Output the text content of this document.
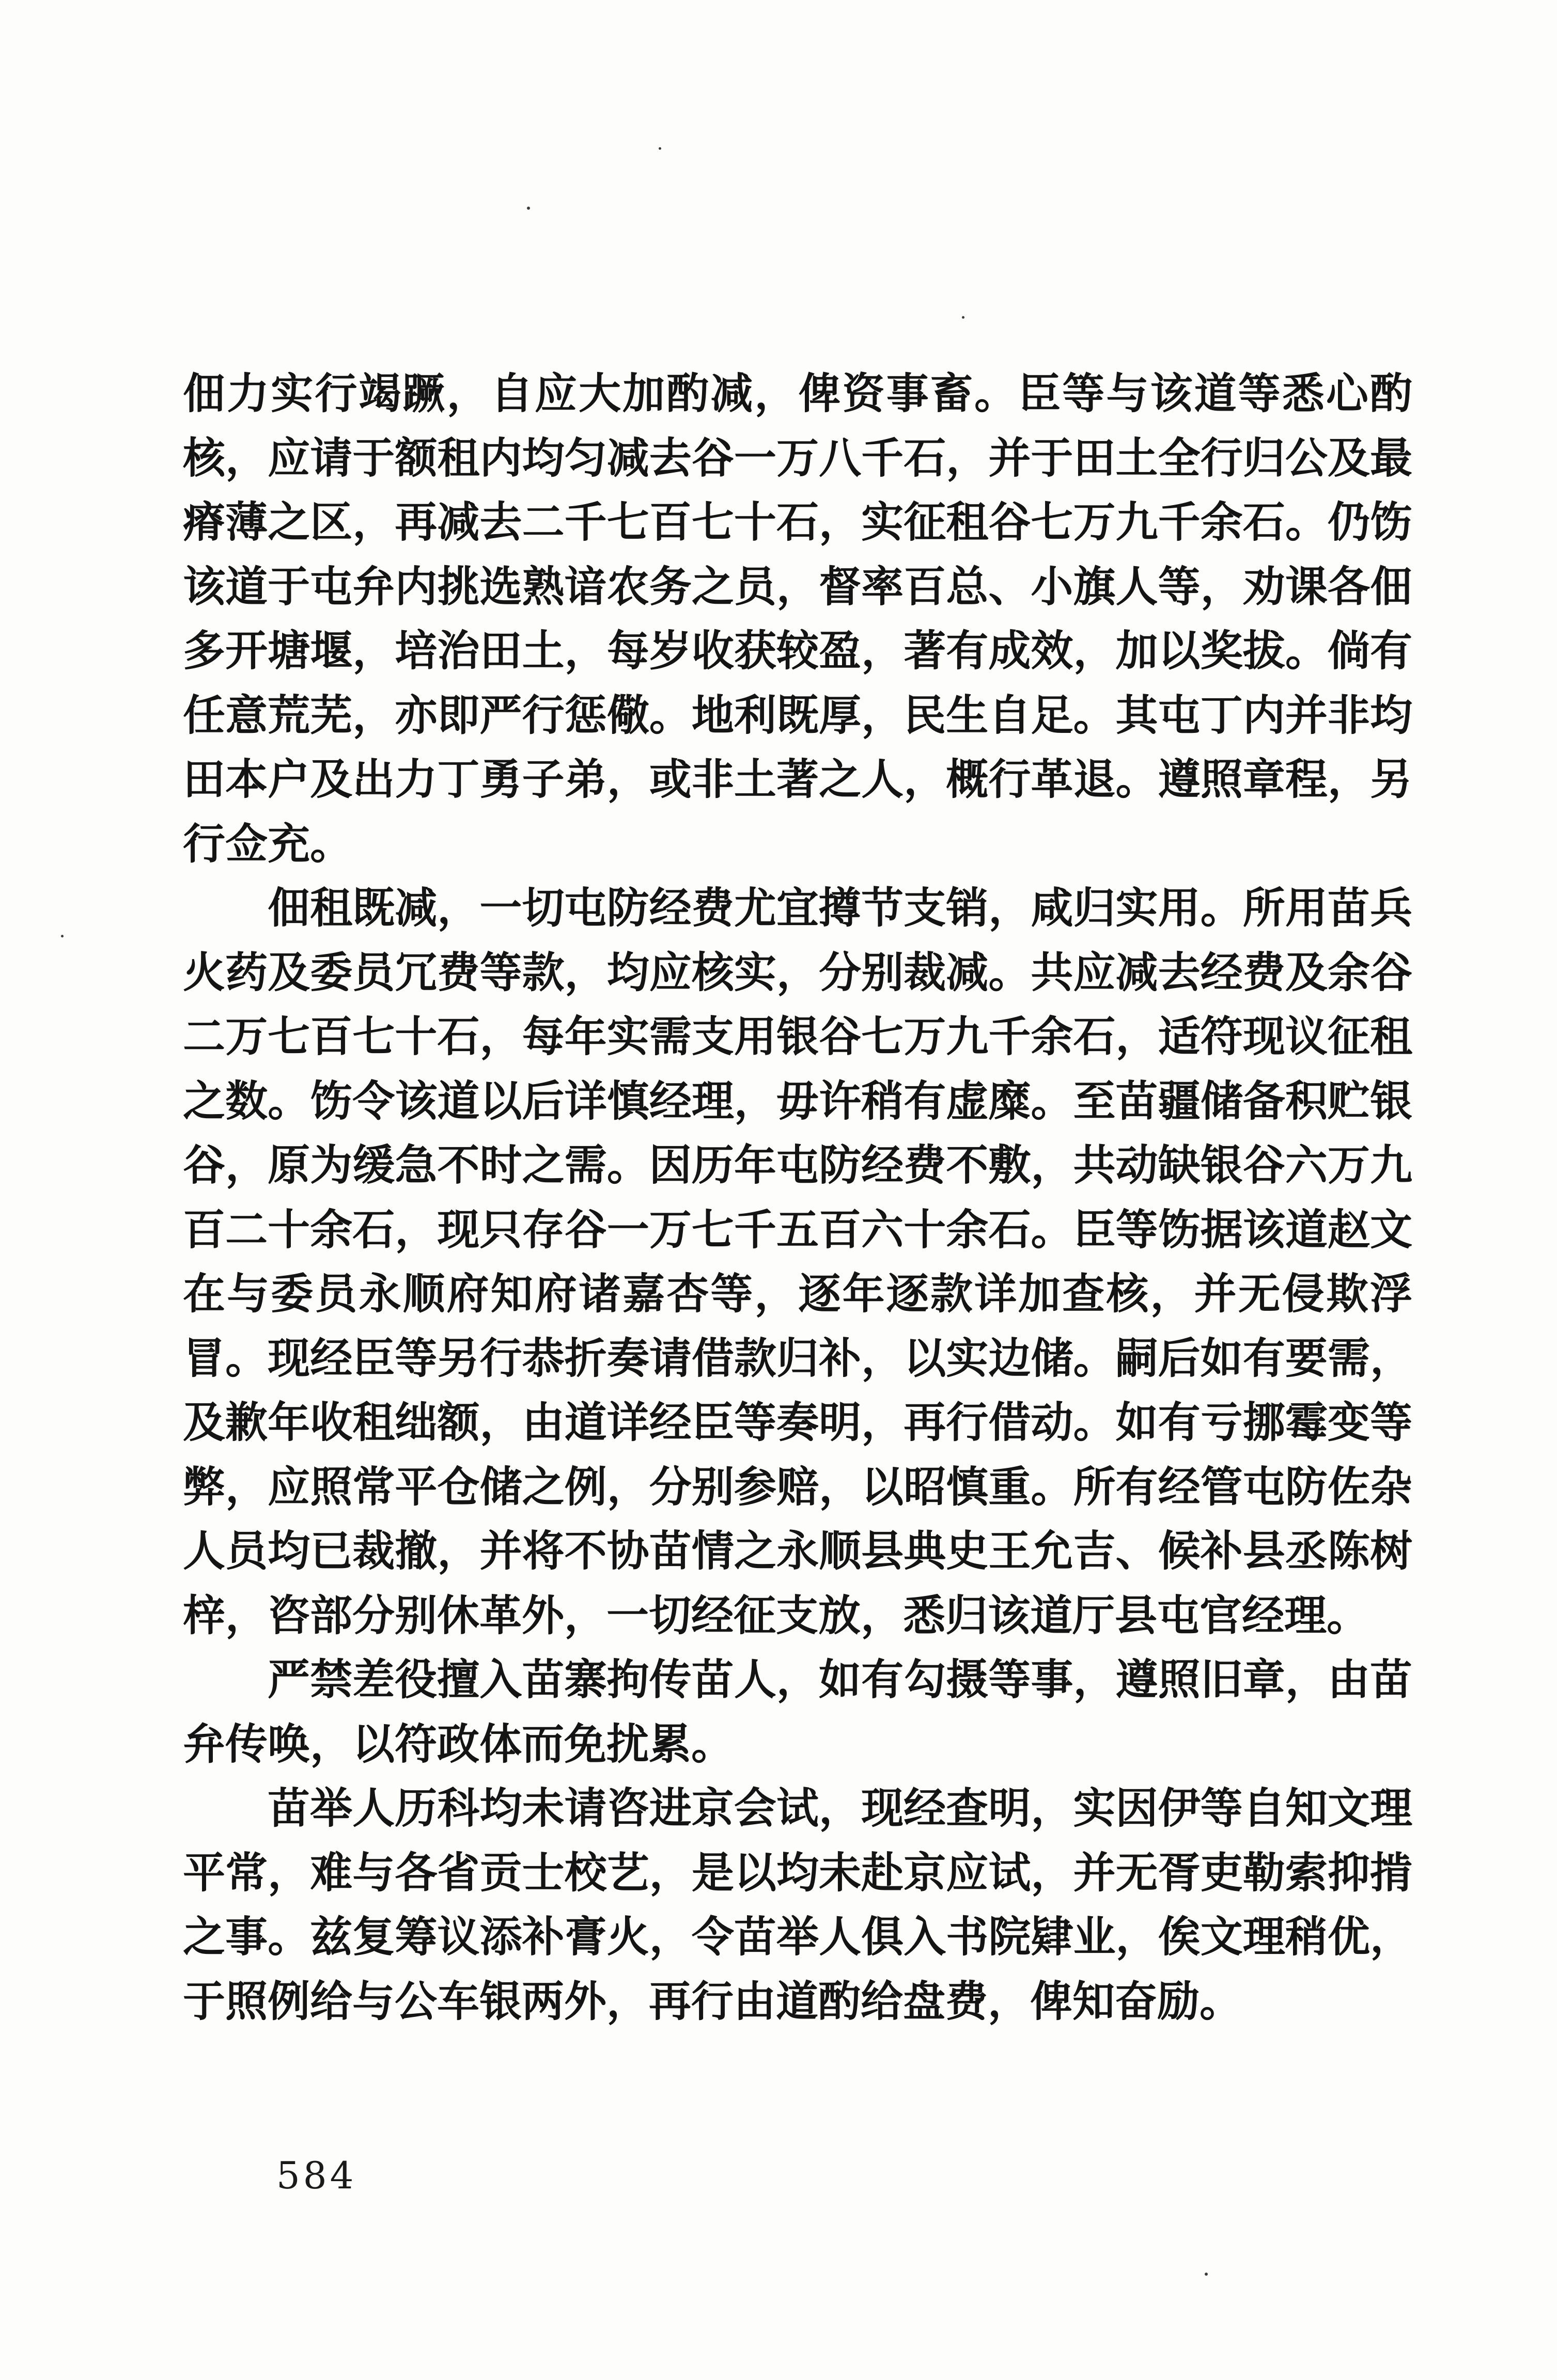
佃力实行竭蹶，自应大加酌减，俾资事畜。臣等与该道等悉心酌核，应请于额租内均匀减去谷一万八千石，并于田土全行归公及最瘠薄之区，再减去二千七百七十石，实征租谷七万九千余石。仍饬该道于屯弁内挑选熟谙农务之员，督率百总、小旗人等，劝课各佃多开塘堰，培治田土，每岁收获较盈，著有成效，加以奖拔。倘有任意荒芜，亦即严行惩儆。地利既厚，民生自足。其屯丁内并非均田本户及出力丁勇子弟，或非土著之人，概行革退。遵照章程，另行佥充。

佃租既减，一切屯防经费尤宜撙节支销，咸归实用。所用苗兵火药及委员冗费等款，均应核实，分别裁减。共应减去经费及余谷二万七百七十石，每年实需支用银谷七万九千余石，适符现议征租之数。饬令该道以后详慎经理，毋许稍有虚糜。至苗疆储备积贮银谷，原为缓急不时之需。因历年屯防经费不敷，共动缺银谷六万九百二十余石，现只存谷一万七千五百六十余石。臣等饬据该道赵文在与委员永顺府知府诸嘉杏等，逐年逐款详加查核，并无侵欺浮冒。现经臣等另行恭折奏请借款归补，以实边储。嗣后如有要需，及歉年收租绌额，由道详经臣等奏明，再行借动。如有亏挪霉变等弊，应照常平仓储之例，分别参赔，以昭慎重。所有经管屯防佐杂人员均已裁撤，并将不协苗情之永顺县典史王允吉、候补县丞陈树梓，咨部分别休革外，一切经征支放，悉归该道厅县屯官经理。

严禁差役擅入苗寨拘传苗人，如有勾摄等事，遵照旧章，由苗弁传唤，以符政体而免扰累。

苗举人历科均未请咨进京会试，现经查明，实因伊等自知文理平常，难与各省贡士校艺，是以均未赴京应试，并无胥吏勒索抑掯之事。兹复筹议添补膏火，令苗举人俱入书院肄业，俟文理稍优，于照例给与公车银两外，再行由道酌给盘费，俾知奋励。

584
